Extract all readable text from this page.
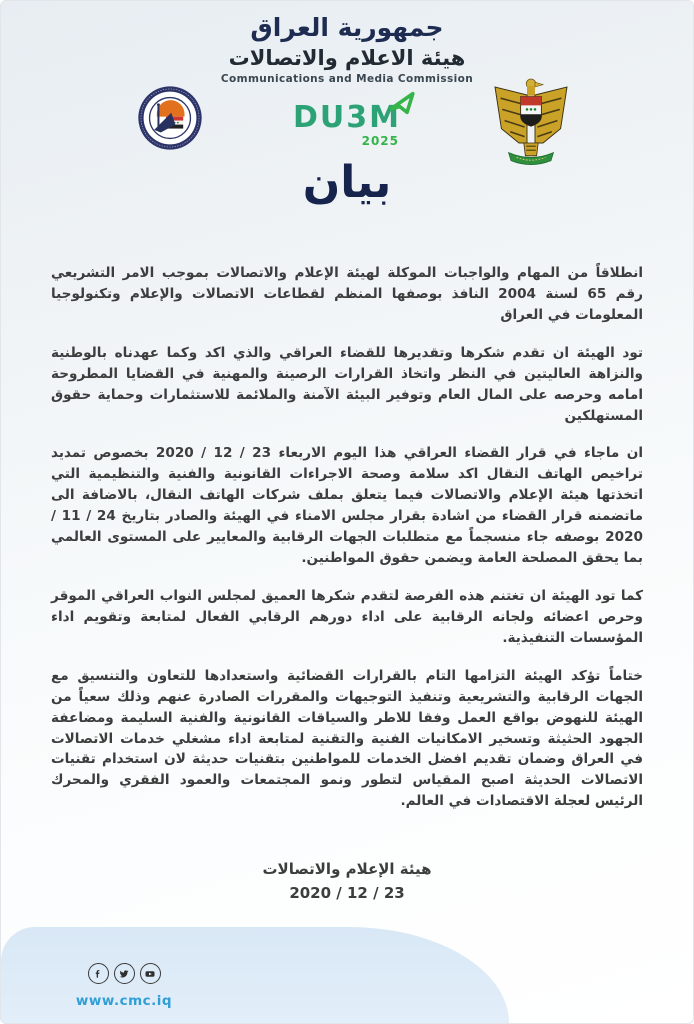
جمهورية العراق
هيئة الاعلام والاتصالات
Communications and Media Commission
DU3M
2025
بيان

انطلاقاً من المهام والواجبات الموكلة لهيئة الإعلام والاتصالات بموجب الامر التشريعي رقم 65 لسنة 2004 النافذ بوصفها المنظم لقطاعات الاتصالات والإعلام وتكنولوجيا المعلومات في العراق

تود الهيئة ان تقدم شكرها وتقديرها للقضاء العراقي والذي اكد وكما عهدناه بالوطنية والنزاهة العاليتين في النظر واتخاذ القرارات الرصينة والمهنية في القضايا المطروحة امامه وحرصه على المال العام وتوفير البيئة الآمنة والملائمة للاستثمارات وحماية حقوق المستهلكين

ان ماجاء في قرار القضاء العراقي هذا اليوم الاربعاء 23 / 12 / 2020 بخصوص تمديد تراخيص الهاتف النقال اكد سلامة وصحة الاجراءات القانونية والفنية والتنظيمية التي اتخذتها هيئة الإعلام والاتصالات فيما يتعلق بملف شركات الهاتف النقال، بالاضافة الى ماتضمنه قرار القضاء من اشادة بقرار مجلس الامناء في الهيئة والصادر بتاريخ 24 / 11 / 2020 بوصفه جاء منسجماً مع متطلبات الجهات الرقابية والمعايير على المستوى العالمي بما يحقق المصلحة العامة ويضمن حقوق المواطنين.

كما تود الهيئة ان تغتنم هذه الفرصة لتقدم شكرها العميق لمجلس النواب العراقي الموقر وحرص اعضائه ولجانه الرقابية على اداء دورهم الرقابي الفعال لمتابعة وتقويم اداء المؤسسات التنفيذية.

ختاماً تؤكد الهيئة التزامها التام بالقرارات القضائية واستعدادها للتعاون والتنسيق مع الجهات الرقابية والتشريعية وتنفيذ التوجيهات والمقررات الصادرة عنهم وذلك سعياً من الهيئة للنهوض بواقع العمل وفقا للاطر والسياقات القانونية والفنية السليمة ومضاعفة الجهود الحثيثة وتسخير الامكانيات الفنية والتقنية لمتابعة اداء مشغلي خدمات الاتصالات في العراق وضمان تقديم افضل الخدمات للمواطنين بتقنيات حديثة لان استخدام تقنيات الاتصالات الحديثة اصبح المقياس لتطور ونمو المجتمعات والعمود الفقري والمحرك الرئيس لعجلة الاقتصادات في العالم.

هيئة الإعلام والاتصالات
23 / 12 / 2020
www.cmc.iq
